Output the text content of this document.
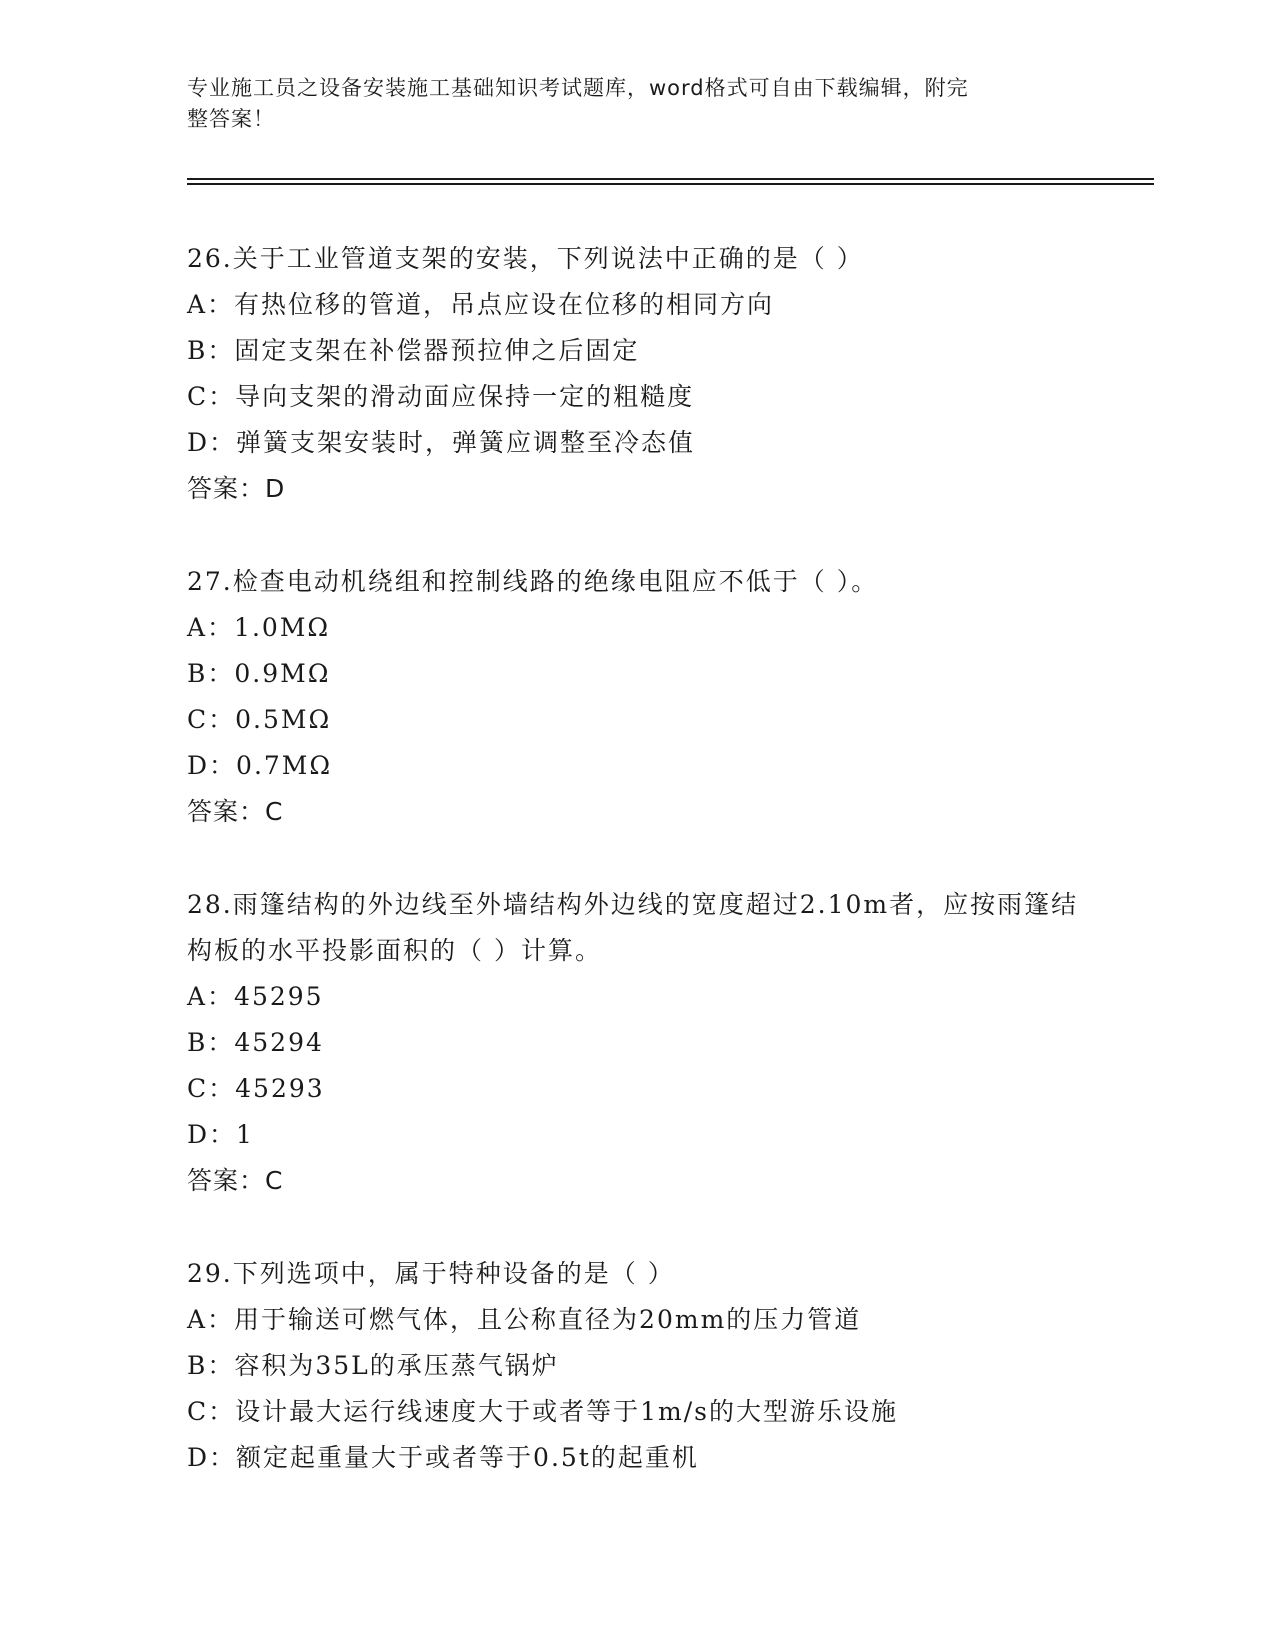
专业施工员之设备安装施工基础知识考试题库，word格式可自由下载编辑，附完
整答案！
26.关于工业管道支架的安装，下列说法中正确的是（ ）
A：有热位移的管道，吊点应设在位移的相同方向
B：固定支架在补偿器预拉伸之后固定
C：导向支架的滑动面应保持一定的粗糙度
D：弹簧支架安装时，弹簧应调整至冷态值
答案：D
27.检查电动机绕组和控制线路的绝缘电阻应不低于（ ）。
A：1.0MΩ
B：0.9MΩ
C：0.5MΩ
D：0.7MΩ
答案：C
28.雨篷结构的外边线至外墙结构外边线的宽度超过2.10m者，应按雨篷结构板的水平投影面积的（ ）计算。
A：45295
B：45294
C：45293
D：1
答案：C
29.下列选项中，属于特种设备的是（ ）
A：用于输送可燃气体，且公称直径为20mm的压力管道
B：容积为35L的承压蒸气锅炉
C：设计最大运行线速度大于或者等于1m/s的大型游乐设施
D：额定起重量大于或者等于0.5t的起重机
